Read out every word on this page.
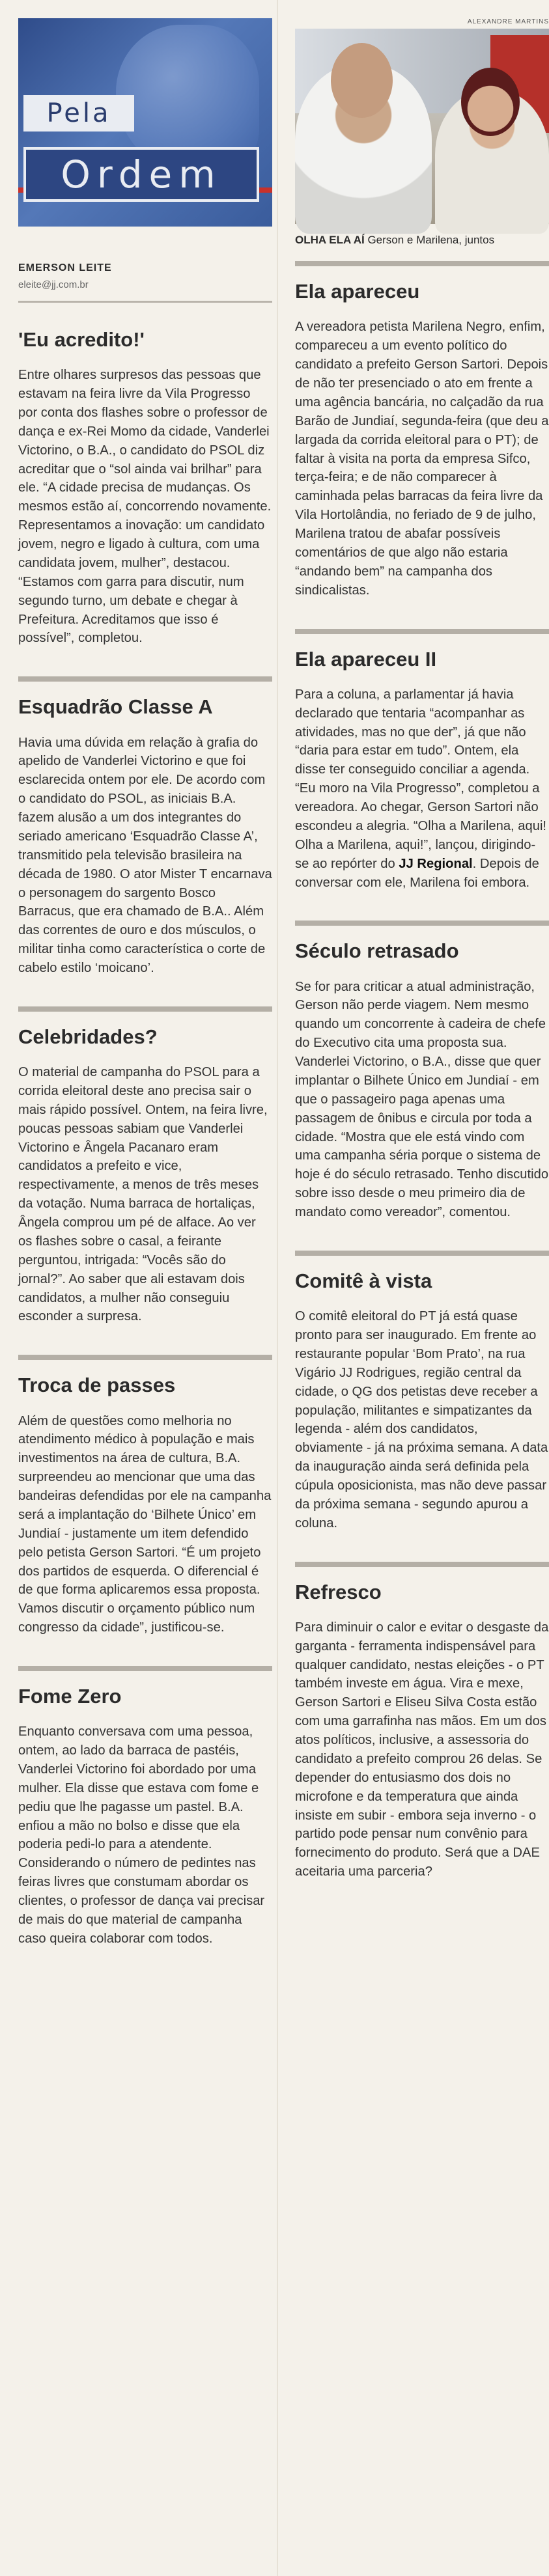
Pela
Ordem
EMERSON LEITE
eleite@jj.com.br
'Eu acredito!'
Entre olhares surpresos das pessoas que estavam na feira livre da Vila Progresso por conta dos flashes sobre o professor de dança e ex-Rei Momo da cidade, Vanderlei Victorino, o B.A., o candidato do PSOL diz acreditar que o “sol ainda vai brilhar” para ele. “A cidade precisa de mudanças. Os mesmos estão aí, concorrendo novamente. Representamos a inovação: um candidato jovem, negro e ligado à cultura, com uma candidata jovem, mulher”, destacou. “Estamos com garra para discutir, num segundo turno, um debate e chegar à Prefeitura. Acreditamos que isso é possível”, completou.
Esquadrão Classe A
Havia uma dúvida em relação à grafia do apelido de Vanderlei Victorino e que foi esclarecida ontem por ele. De acordo com o candidato do PSOL, as iniciais B.A. fazem alusão a um dos integrantes do seriado americano ‘Esquadrão Classe A’, transmitido pela televisão brasileira na década de 1980. O ator Mister T encarnava o personagem do sargento Bosco Barracus, que era chamado de B.A.. Além das correntes de ouro e dos músculos, o militar tinha como característica o corte de cabelo estilo ‘moicano’.
Celebridades?
O material de campanha do PSOL para a corrida eleitoral deste ano precisa sair o mais rápido possível. Ontem, na feira livre, poucas pessoas sabiam que Vanderlei Victorino e Ângela Pacanaro eram candidatos a prefeito e vice, respectivamente, a menos de três meses da votação. Numa barraca de hortaliças, Ângela comprou um pé de alface. Ao ver os flashes sobre o casal, a feirante perguntou, intrigada: “Vocês são do jornal?”. Ao saber que ali estavam dois candidatos, a mulher não conseguiu esconder a surpresa.
Troca de passes
Além de questões como melhoria no atendimento médico à população e mais investimentos na área de cultura, B.A. surpreendeu ao mencionar que uma das bandeiras defendidas por ele na campanha será a implantação do ‘Bilhete Único’ em Jundiaí - justamente um item defendido pelo petista Gerson Sartori. “É um projeto dos partidos de esquerda. O diferencial é de que forma aplicaremos essa proposta. Vamos discutir o orçamento público num congresso da cidade”, justificou-se.
Fome Zero
Enquanto conversava com uma pessoa, ontem, ao lado da barraca de pastéis, Vanderlei Victorino foi abordado por uma mulher. Ela disse que estava com fome e pediu que lhe pagasse um pastel. B.A. enfiou a mão no bolso e disse que ela poderia pedi-lo para a atendente. Considerando o número de pedintes nas feiras livres que constumam abordar os clientes, o professor de dança vai precisar de mais do que material de campanha caso queira colaborar com todos.
ALEXANDRE MARTINS
OLHA ELA AÍ Gerson e Marilena, juntos
Ela apareceu
A vereadora petista Marilena Negro, enfim, compareceu a um evento político do candidato a prefeito Gerson Sartori. Depois de não ter presenciado o ato em frente a uma agência bancária, no calçadão da rua Barão de Jundiaí, segunda-feira (que deu a largada da corrida eleitoral para o PT); de faltar à visita na porta da empresa Sifco, terça-feira; e de não comparecer à caminhada pelas barracas da feira livre da Vila Hortolândia, no feriado de 9 de julho, Marilena tratou de abafar possíveis comentários de que algo não estaria “andando bem” na campanha dos sindicalistas.
Ela apareceu II
Para a coluna, a parlamentar já havia declarado que tentaria “acompanhar as atividades, mas no que der”, já que não “daria para estar em tudo”. Ontem, ela disse ter conseguido conciliar a agenda. “Eu moro na Vila Progresso”, completou a vereadora. Ao chegar, Gerson Sartori não escondeu a alegria. “Olha a Marilena, aqui! Olha a Marilena, aqui!”, lançou, dirigindo-se ao repórter do JJ Regional. Depois de conversar com ele, Marilena foi embora.
Século retrasado
Se for para criticar a atual administração, Gerson não perde viagem. Nem mesmo quando um concorrente à cadeira de chefe do Executivo cita uma proposta sua. Vanderlei Victorino, o B.A., disse que quer implantar o Bilhete Único em Jundiaí - em que o passageiro paga apenas uma passagem de ônibus e circula por toda a cidade. “Mostra que ele está vindo com uma campanha séria porque o sistema de hoje é do século retrasado. Tenho discutido sobre isso desde o meu primeiro dia de mandato como vereador”, comentou.
Comitê à vista
O comitê eleitoral do PT já está quase pronto para ser inaugurado. Em frente ao restaurante popular ‘Bom Prato’, na rua Vigário JJ Rodrigues, região central da cidade, o QG dos petistas deve receber a população, militantes e simpatizantes da legenda - além dos candidatos, obviamente - já na próxima semana. A data da inauguração ainda será definida pela cúpula oposicionista, mas não deve passar da próxima semana - segundo apurou a coluna.
Refresco
Para diminuir o calor e evitar o desgaste da garganta - ferramenta indispensável para qualquer candidato, nestas eleições - o PT também investe em água. Vira e mexe, Gerson Sartori e Eliseu Silva Costa estão com uma garrafinha nas mãos. Em um dos atos políticos, inclusive, a assessoria do candidato a prefeito comprou 26 delas. Se depender do entusiasmo dos dois no microfone e da temperatura que ainda insiste em subir - embora seja inverno - o partido pode pensar num convênio para fornecimento do produto. Será que a DAE aceitaria uma parceria?
